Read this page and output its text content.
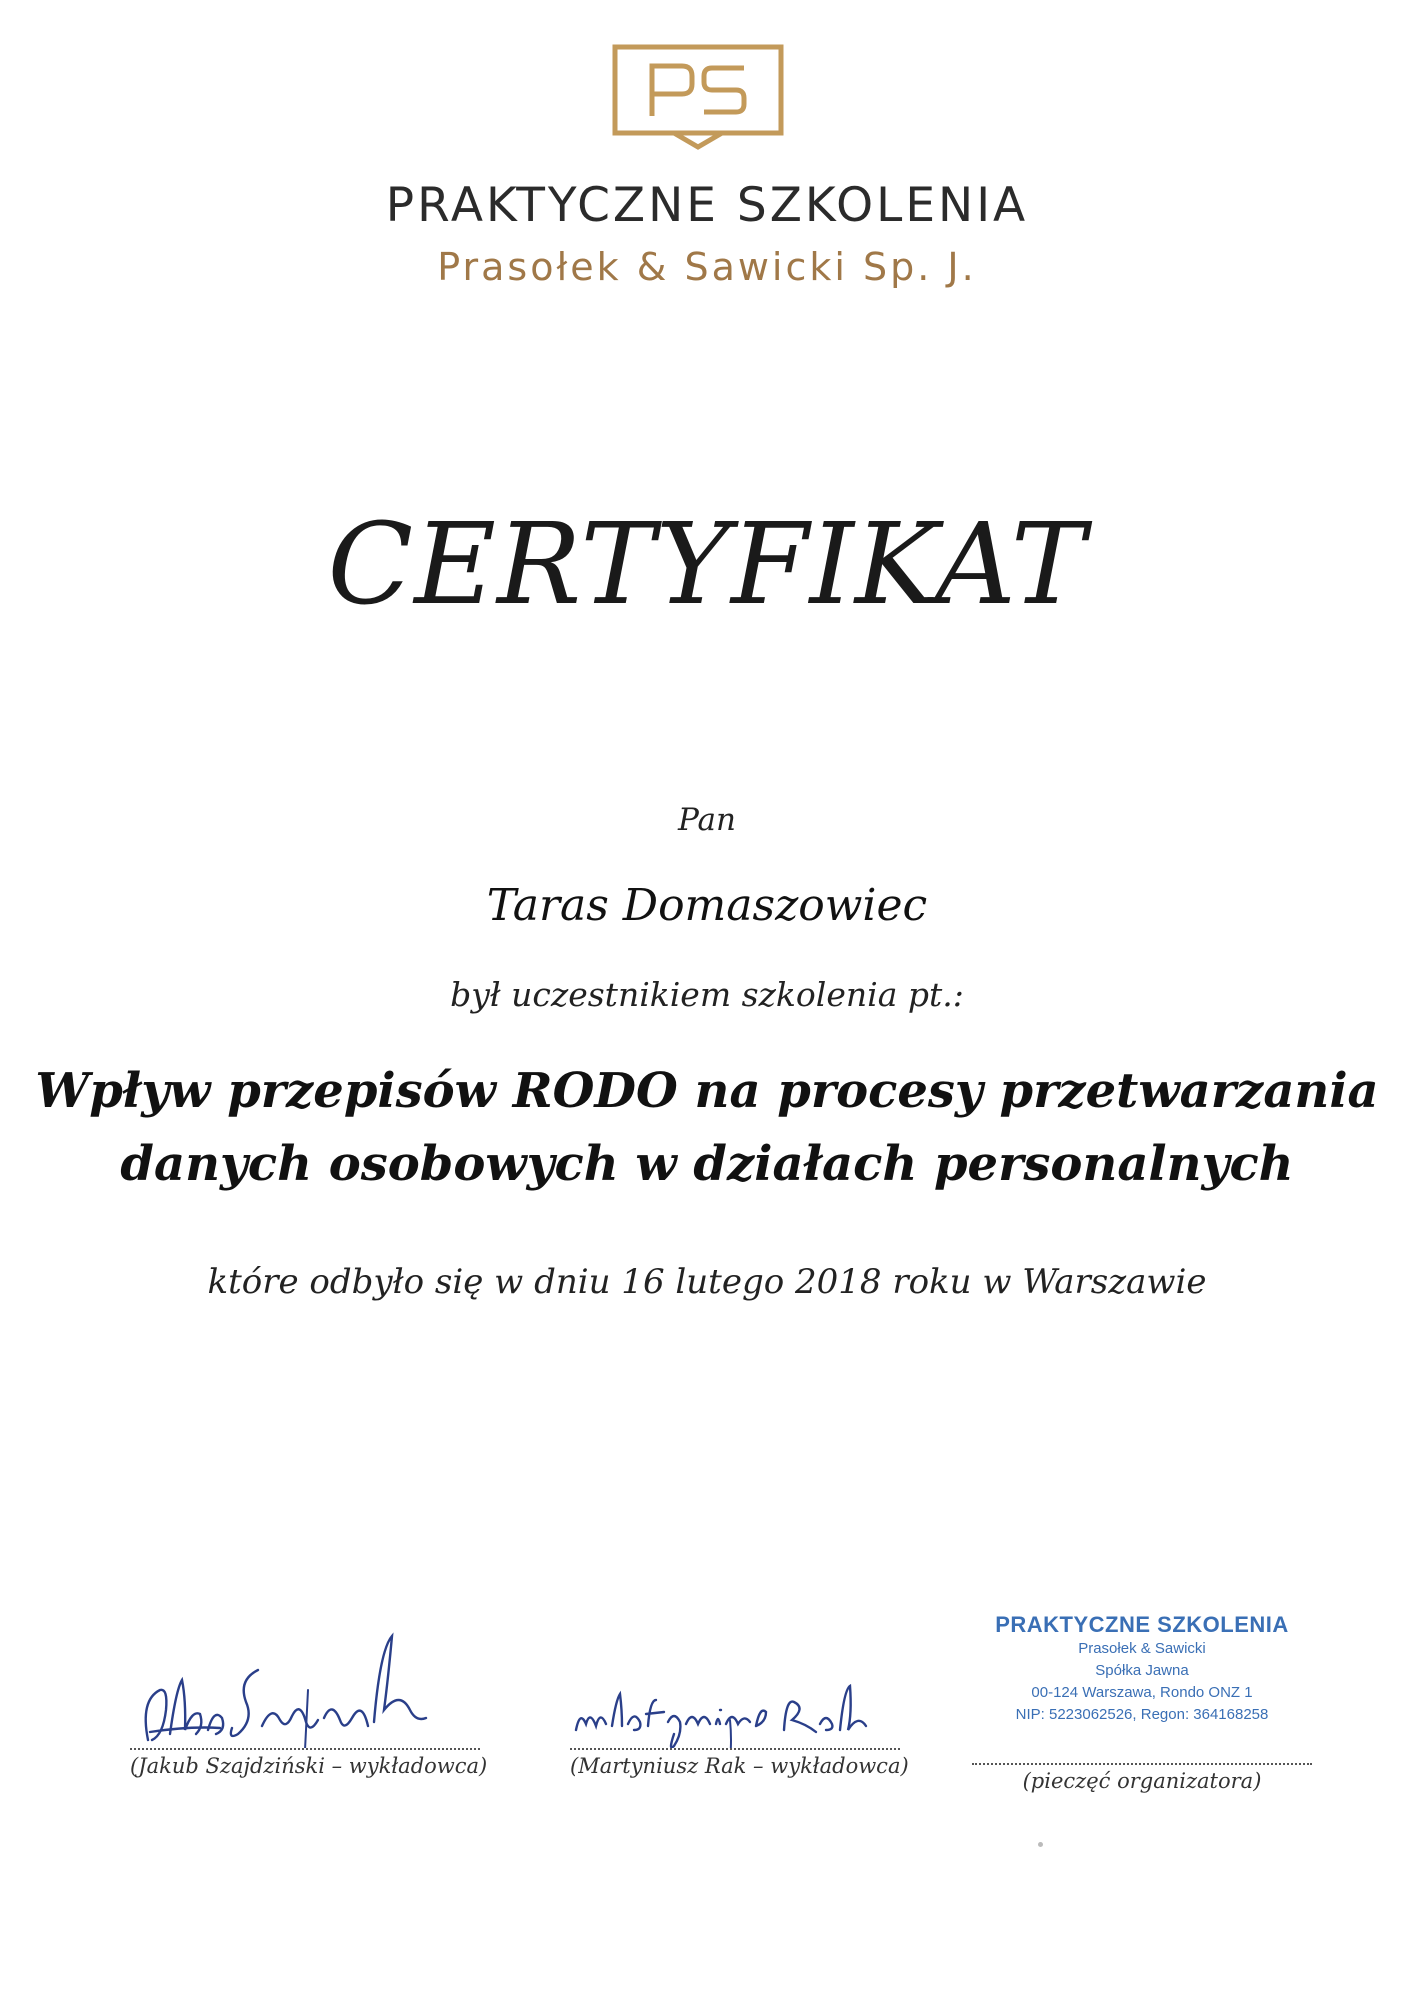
PRAKTYCZNE SZKOLENIA
Prasołek & Sawicki Sp. J.
CERTYFIKAT
Pan
Taras Domaszowiec
był uczestnikiem szkolenia pt.:
Wpływ przepisów RODO na procesy przetwarzania
danych osobowych w działach personalnych
które odbyło się w dniu 16 lutego 2018 roku w Warszawie
(Jakub Szajdziński – wykładowca)	(Martyniusz Rak – wykładowca)
PRAKTYCZNE SZKOLENIA
Prasołek & Sawicki
Spółka Jawna
00-124 Warszawa, Rondo ONZ 1
NIP: 5223062526, Regon: 364168258
(pieczęć organizatora)
